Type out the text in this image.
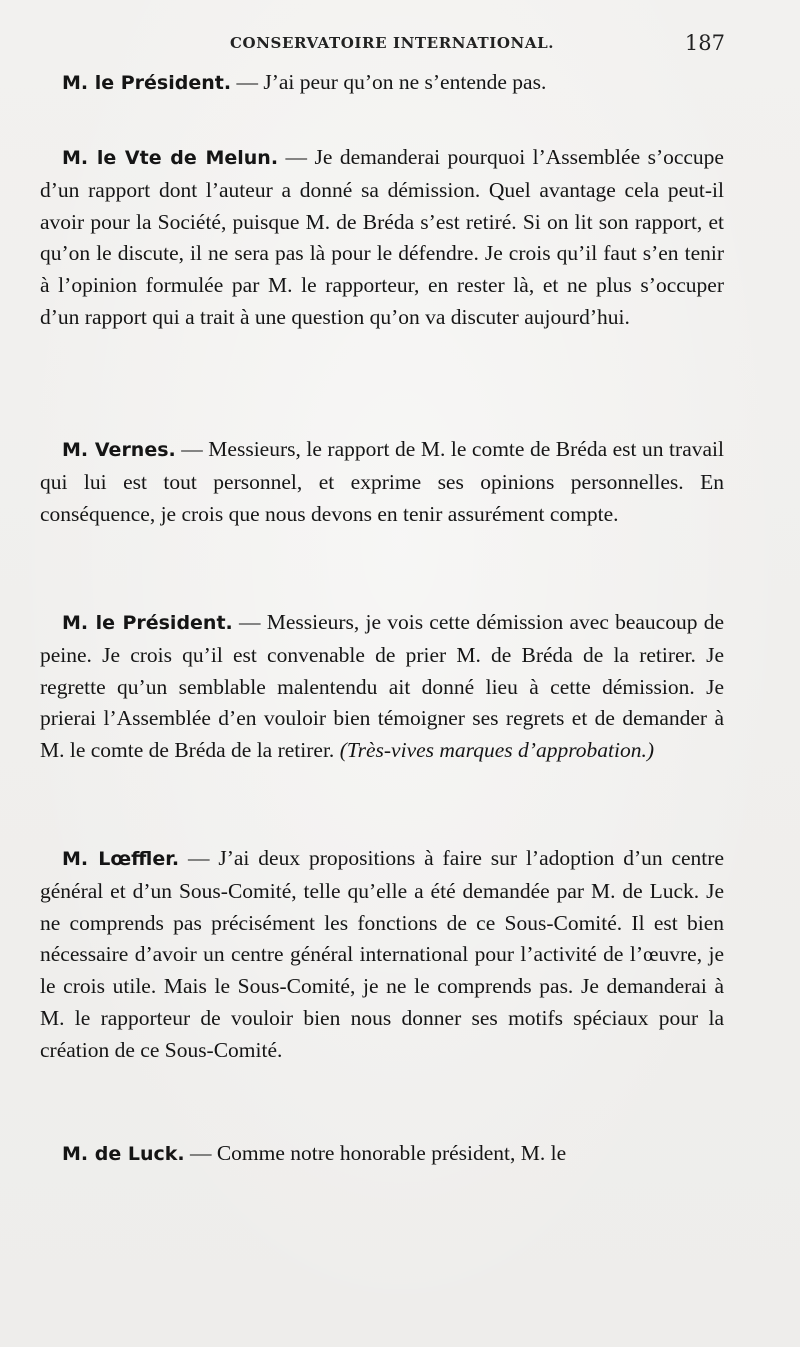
CONSERVATOIRE INTERNATIONAL.	187

M. le Président. — J’ai peur qu’on ne s’entende pas.

M. le Vte de Melun. — Je demanderai pourquoi l’Assemblée s’occupe d’un rapport dont l’auteur a donné sa démission. Quel avantage cela peut-il avoir pour la Société, puisque M. de Bréda s’est retiré. Si on lit son rapport, et qu’on le discute, il ne sera pas là pour le défendre. Je crois qu’il faut s’en tenir à l’opinion formulée par M. le rapporteur, en rester là, et ne plus s’occuper d’un rapport qui a trait à une question qu’on va discuter aujourd’hui.

M. Vernes. — Messieurs, le rapport de M. le comte de Bréda est un travail qui lui est tout personnel, et exprime ses opinions personnelles. En conséquence, je crois que nous devons en tenir assurément compte.

M. le Président. — Messieurs, je vois cette démission avec beaucoup de peine. Je crois qu’il est convenable de prier M. de Bréda de la retirer. Je regrette qu’un semblable malentendu ait donné lieu à cette démission. Je prierai l’Assemblée d’en vouloir bien témoigner ses regrets et de demander à M. le comte de Bréda de la retirer. (Très-vives marques d’approbation.)

M. Lœffler. — J’ai deux propositions à faire sur l’adoption d’un centre général et d’un Sous-Comité, telle qu’elle a été demandée par M. de Luck. Je ne comprends pas précisément les fonctions de ce Sous-Comité. Il est bien nécessaire d’avoir un centre général international pour l’activité de l’œuvre, je le crois utile. Mais le Sous-Comité, je ne le comprends pas. Je demanderai à M. le rapporteur de vouloir bien nous donner ses motifs spéciaux pour la création de ce Sous-Comité.

M. de Luck. — Comme notre honorable président, M. le
